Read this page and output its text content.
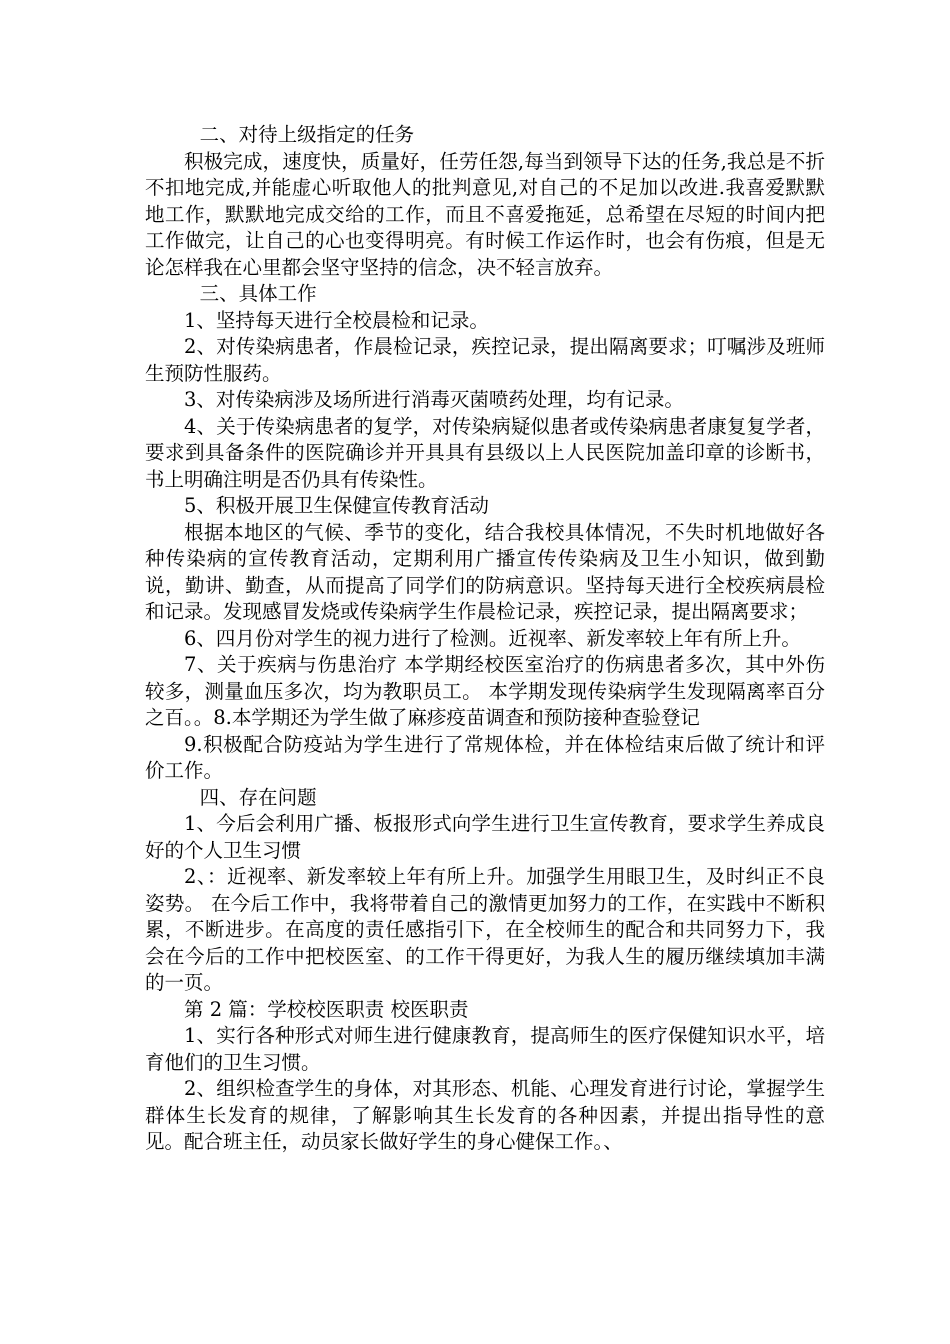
二、对待上级指定的任务

积极完成，速度快，质量好，任劳任怨,每当到领导下达的任务,我总是不折不扣地完成,并能虚心听取他人的批判意见,对自己的不足加以改进.我喜爱默默地工作，默默地完成交给的工作，而且不喜爱拖延，总希望在尽短的时间内把工作做完，让自己的心也变得明亮。有时候工作运作时，也会有伤痕，但是无论怎样我在心里都会坚守坚持的信念，决不轻言放弃。

三、具体工作

1、坚持每天进行全校晨检和记录。

2、对传染病患者，作晨检记录，疾控记录，提出隔离要求；叮嘱涉及班师生预防性服药。

3、对传染病涉及场所进行消毒灭菌喷药处理，均有记录。

4、关于传染病患者的复学，对传染病疑似患者或传染病患者康复复学者，要求到具备条件的医院确诊并开具具有县级以上人民医院加盖印章的诊断书，书上明确注明是否仍具有传染性。

5、积极开展卫生保健宣传教育活动

根据本地区的气候、季节的变化，结合我校具体情况，不失时机地做好各种传染病的宣传教育活动，定期利用广播宣传传染病及卫生小知识，做到勤说，勤讲、勤查，从而提高了同学们的防病意识。坚持每天进行全校疾病晨检和记录。发现感冒发烧或传染病学生作晨检记录，疾控记录，提出隔离要求；

6、四月份对学生的视力进行了检测。近视率、新发率较上年有所上升。

7、关于疾病与伤患治疗 本学期经校医室治疗的伤病患者多次，其中外伤较多，测量血压多次，均为教职员工。 本学期发现传染病学生发现隔离率百分之百。。8.本学期还为学生做了麻疹疫苗调查和预防接种查验登记

9.积极配合防疫站为学生进行了常规体检，并在体检结束后做了统计和评价工作。

四、存在问题

1、今后会利用广播、板报形式向学生进行卫生宣传教育，要求学生养成良好的个人卫生习惯

2、：近视率、新发率较上年有所上升。加强学生用眼卫生，及时纠正不良姿势。 在今后工作中，我将带着自己的激情更加努力的工作，在实践中不断积累，不断进步。在高度的责任感指引下，在全校师生的配合和共同努力下，我会在今后的工作中把校医室、的工作干得更好，为我人生的履历继续填加丰满的一页。

第 2 篇：学校校医职责 校医职责

1、实行各种形式对师生进行健康教育，提高师生的医疗保健知识水平，培育他们的卫生习惯。

2、组织检查学生的身体，对其形态、机能、心理发育进行讨论，掌握学生群体生长发育的规律，了解影响其生长发育的各种因素，并提出指导性的意见。配合班主任，动员家长做好学生的身心健保工作。、
